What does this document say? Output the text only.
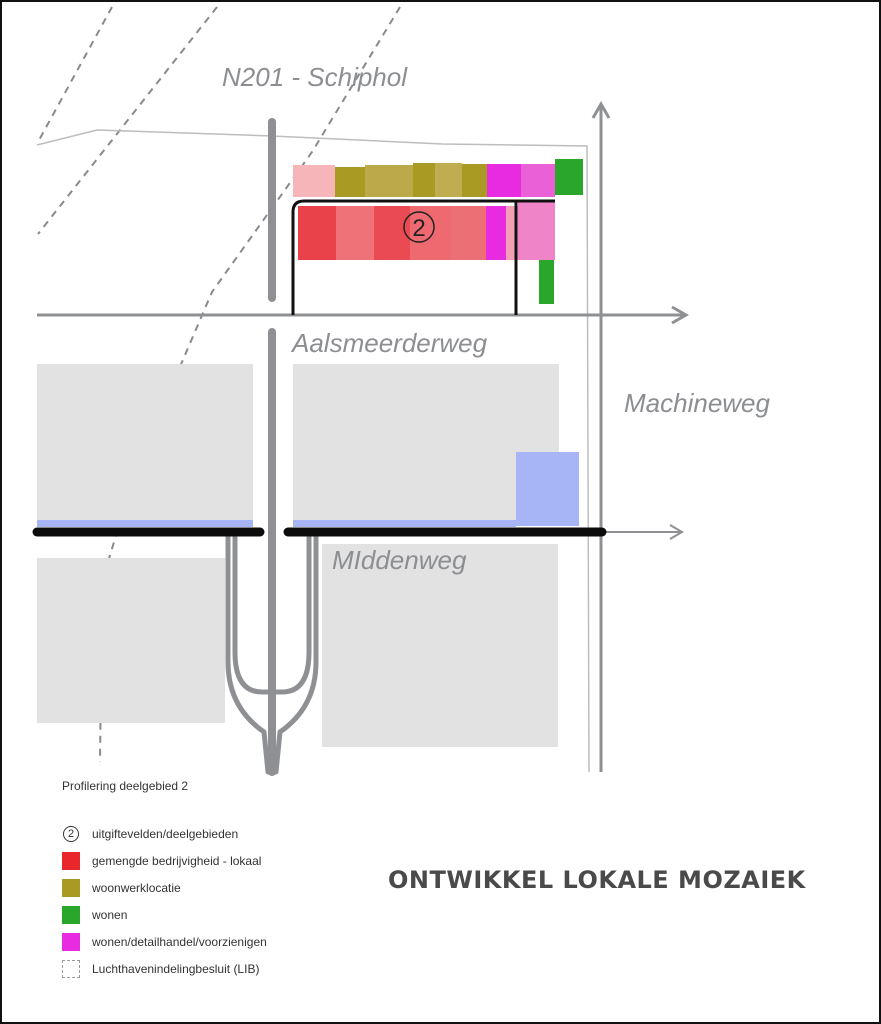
2
N201 - Schiphol
Aalsmeerderweg
Machineweg
MIddenweg
Profilering deelgebied 2
2	uitgiftevelden/deelgebieden
gemengde bedrijvigheid - lokaal
woonwerklocatie
wonen
wonen/detailhandel/voorzienigen
Luchthavenindelingbesluit (LIB)
ONTWIKKEL LOKALE MOZAIEK
